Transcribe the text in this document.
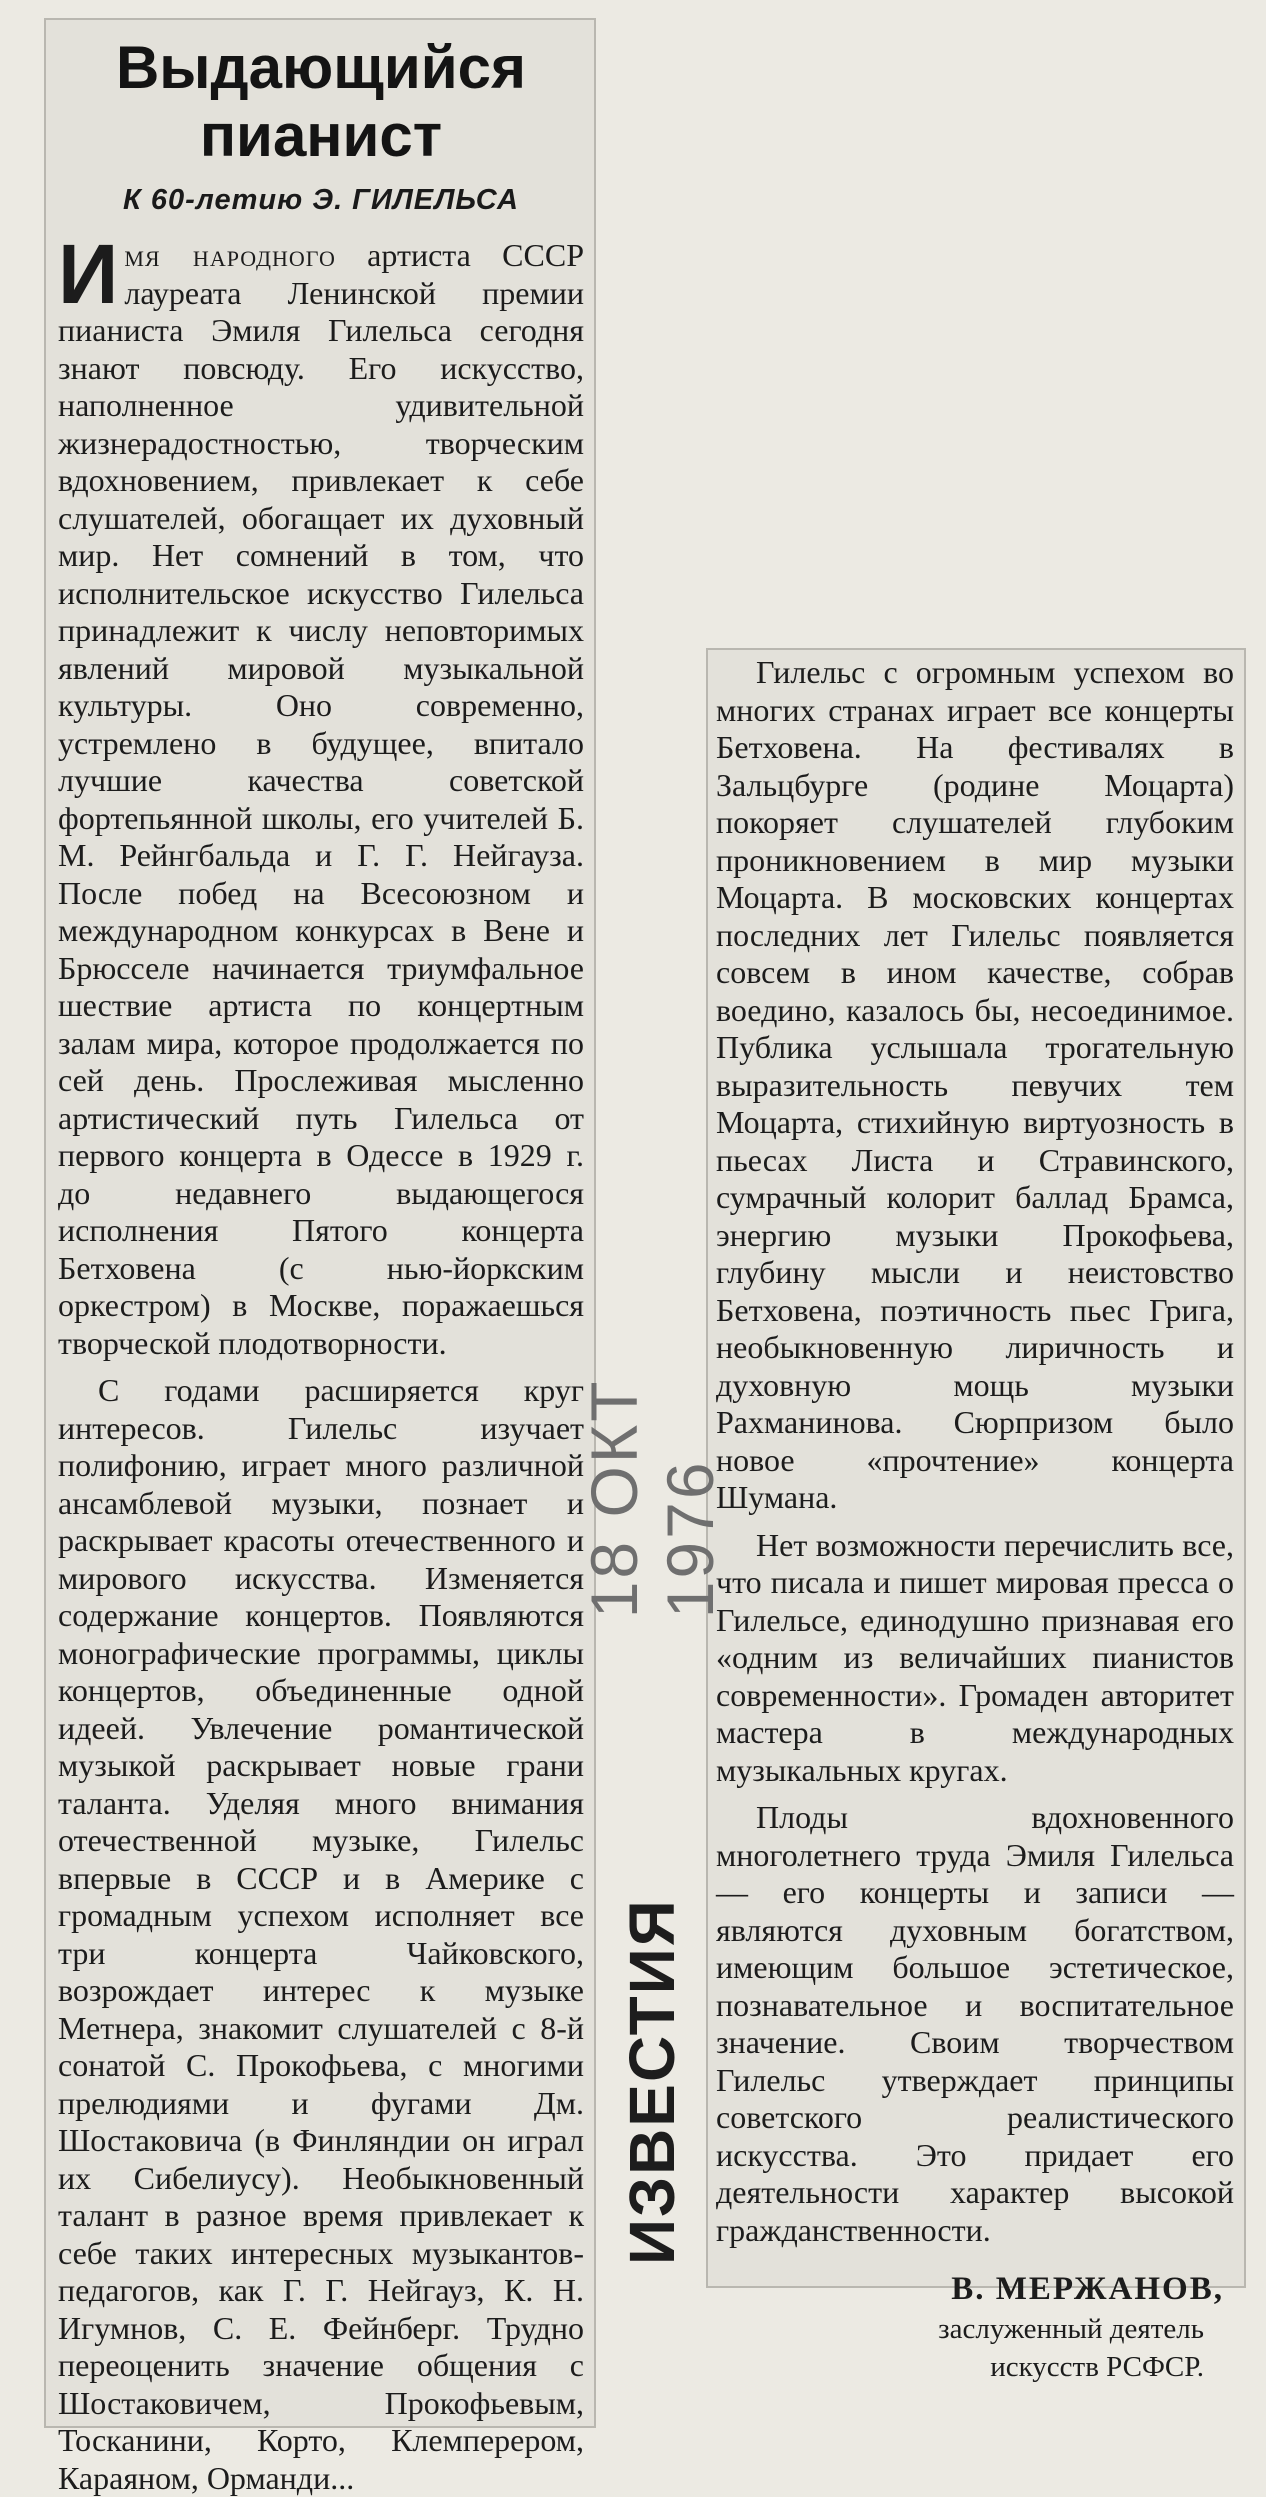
Выдающийся пианист
К 60-летию Э. ГИЛЕЛЬСА

Имя народного артиста СССР лауреата Ленинской премии пианиста Эмиля Гилельса сегодня знают повсюду. Его искусство, наполненное удивительной жизнерадостностью, творческим вдохновением, привлекает к себе слушателей, обогащает их духовный мир. Нет сомнений в том, что исполнительское искусство Гилельса принадлежит к числу неповторимых явлений мировой музыкальной культуры. Оно современно, устремлено в будущее, впитало лучшие качества советской фортепьянной школы, его учителей Б. М. Рейнгбальда и Г. Г. Нейгауза. После побед на Всесоюзном и международном конкурсах в Вене и Брюсселе начинается триумфальное шествие артиста по концертным залам мира, которое продолжается по сей день. Прослеживая мысленно артистический путь Гилельса от первого концерта в Одессе в 1929 г. до недавнего выдающегося исполнения Пятого концерта Бетховена (с нью-йоркским оркестром) в Москве, поражаешься творческой плодотворности.

С годами расширяется круг интересов. Гилельс изучает полифонию, играет много различной ансамблевой музыки, познает и раскрывает красоты отечественного и мирового искусства. Изменяется содержание концертов. Появляются монографические программы, циклы концертов, объединенные одной идеей. Увлечение романтической музыкой раскрывает новые грани таланта. Уделяя много внимания отечественной музыке, Гилельс впервые в СССР и в Америке с громадным успехом исполняет все три концерта Чайковского, возрождает интерес к музыке Метнера, знакомит слушателей с 8-й сонатой С. Прокофьева, с многими прелюдиями и фугами Дм. Шостаковича (в Финляндии он играл их Сибелиусу). Необыкновенный талант в разное время привлекает к себе таких интересных музыкантов-педагогов, как Г. Г. Нейгауз, К. Н. Игумнов, С. Е. Фейнберг. Трудно переоценить значение общения с Шостаковичем, Прокофьевым, Тосканини, Корто, Клемперером, Караяном, Орманди...

Гилельс с огромным успехом во многих странах играет все концерты Бетховена. На фестивалях в Зальцбурге (родине Моцарта) покоряет слушателей глубоким проникновением в мир музыки Моцарта. В московских концертах последних лет Гилельс появляется совсем в ином качестве, собрав воедино, казалось бы, несоединимое. Публика услышала трогательную выразительность певучих тем Моцарта, стихийную виртуозность в пьесах Листа и Стравинского, сумрачный колорит баллад Брамса, энергию музыки Прокофьева, глубину мысли и неистовство Бетховена, поэтичность пьес Грига, необыкновенную лиричность и духовную мощь музыки Рахманинова. Сюрпризом было новое «прочтение» концерта Шумана.

Нет возможности перечислить все, что писала и пишет мировая пресса о Гилельсе, единодушно признавая его «одним из величайших пианистов современности». Громаден авторитет мастера в международных музыкальных кругах.

Плоды вдохновенного многолетнего труда Эмиля Гилельса — его концерты и записи — являются духовным богатством, имеющим большое эстетическое, познавательное и воспитательное значение. Своим творчеством Гилельс утверждает принципы советского реалистического искусства. Это придает его деятельности характер высокой гражданственности.

В. МЕРЖАНОВ,
заслуженный деятель
искусств РСФСР.
ИЗВЕСТИЯ
18 ОКТ 1976
